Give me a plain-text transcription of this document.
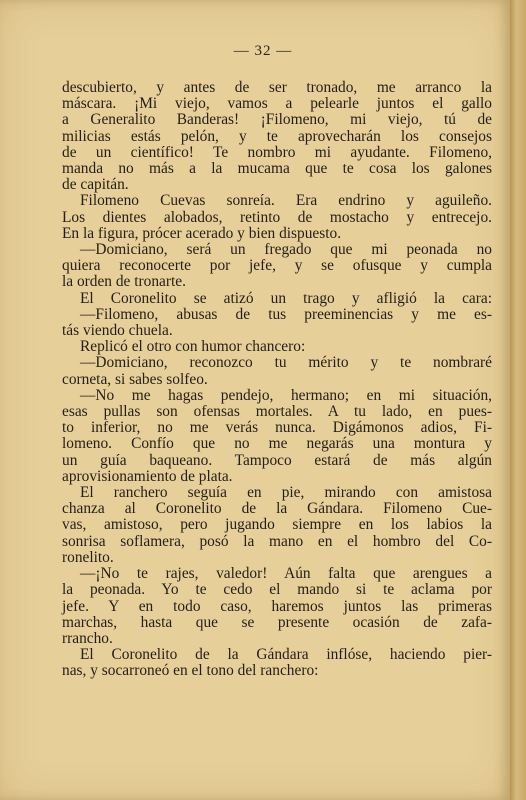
— 32 —

descubierto, y antes de ser tronado, me arranco la

máscara. ¡Mi viejo, vamos a pelearle juntos el gallo

a Generalito Banderas! ¡Filomeno, mi viejo, tú de

milicias estás pelón, y te aprovecharán los consejos

de un científico! Te nombro mi ayudante. Filomeno,

manda no más a la mucama que te cosa los galones

de capitán.

Filomeno Cuevas sonreía. Era endrino y aguileño.

Los dientes alobados, retinto de mostacho y entrecejo.

En la figura, prócer acerado y bien dispuesto.

—Domiciano, será un fregado que mi peonada no

quiera reconocerte por jefe, y se ofusque y cumpla

la orden de tronarte.

El Coronelito se atizó un trago y afligió la cara:

—Filomeno, abusas de tus preeminencias y me es-

tás viendo chuela.

Replicó el otro con humor chancero:

—Domiciano, reconozco tu mérito y te nombraré

corneta, si sabes solfeo.

—No me hagas pendejo, hermano; en mi situación,

esas pullas son ofensas mortales. A tu lado, en pues-

to inferior, no me verás nunca. Digámonos adios, Fi-

lomeno. Confío que no me negarás una montura y

un guía baqueano. Tampoco estará de más algún

aprovisionamiento de plata.

El ranchero seguía en pie, mirando con amistosa

chanza al Coronelito de la Gándara. Filomeno Cue-

vas, amistoso, pero jugando siempre en los labios la

sonrisa soflamera, posó la mano en el hombro del Co-

ronelito.

—¡No te rajes, valedor! Aún falta que arengues a

la peonada. Yo te cedo el mando si te aclama por

jefe. Y en todo caso, haremos juntos las primeras

marchas, hasta que se presente ocasión de zafa-

rrancho.

El Coronelito de la Gándara inflóse, haciendo pier-

nas, y socarroneó en el tono del ranchero:
